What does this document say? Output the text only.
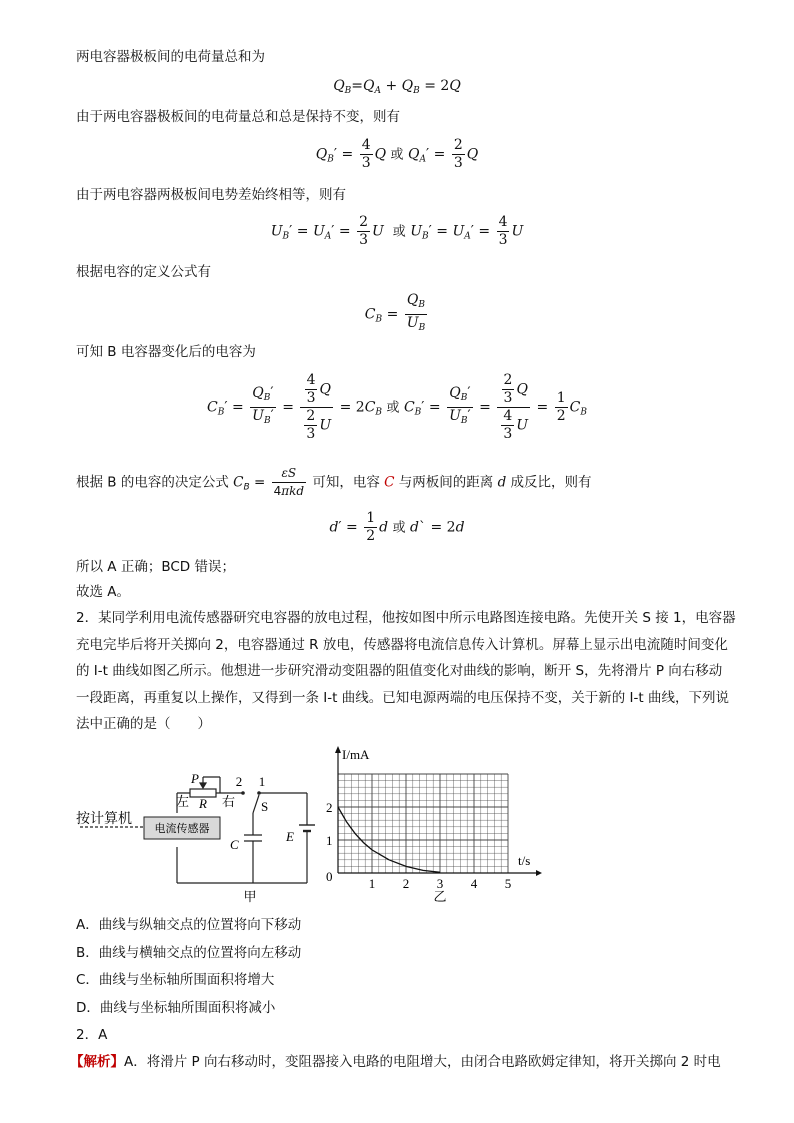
两电容器极板间的电荷量总和为
$Q_B=Q_A + Q_B = 2Q$
由于两电容器极板间的电荷量总和总是保持不变，则有
$Q_B' = \frac{4}{3}$ Q 或 $Q_A' = \frac{2}{3}$ Q
由于两电容器两极板间电势差始终相等，则有
$U_B' = U_A' = \frac{2}{3}$ U 或 $U_B' = U_A' = \frac{4}{3}$ U
根据电容的定义公式有
$C_B = \frac{Q_B}{U_B}$
可知 B 电容器变化后的电容为
$C_B' = \frac{Q_B'}{U_B'} = \frac{\frac{4}{3} Q}{\frac{2}{3} U} = 2C_B$ 或 $C_B' = \frac{Q_B'}{U_B'} = \frac{\frac{2}{3} Q}{\frac{4}{3} U} = \frac{1}{2} C_B$
根据 B 的电容的决定公式 $C_B = \frac{\varepsilon S}{\text{4πkd}}$ 可知，电容 C 与两板间的距离 d 成反比，则有
$d' = \frac{1}{2}$ d 或 d` = 2d
所以 A 正确；BCD 错误；
故选 A。
2．某同学利用电流传感器研究电容器的放电过程，他按如图中所示电路图连接电路。先使开关 S 接 1，电容器
充电完毕后将开关掷向 2，电容器通过 R 放电，传感器将电流信息传入计算机。屏幕上显示出电流随时间变化
的 I-t 曲线如图乙所示。他想进一步研究滑动变阻器的阻值变化对曲线的影响，断开 S，先将滑片 P 向右移动
一段距离，再重复以上操作，又得到一条 I-t 曲线。已知电源两端的电压保持不变，关于新的 I-t 曲线，下列说
法中正确的是（　　）
电流传感器
按计算机
左	右
P
R
2 1
S
C
E
甲
I/mA
t/s
0	1 2 3 4 5
1
2
乙
A．曲线与纵轴交点的位置将向下移动
B．曲线与横轴交点的位置将向左移动
C．曲线与坐标轴所围面积将增大
D．曲线与坐标轴所围面积将减小
2．A
【解析】A．将滑片 P 向右移动时，变阻器接入电路的电阻增大，由闭合电路欧姆定律知，将开关掷向 2 时电
